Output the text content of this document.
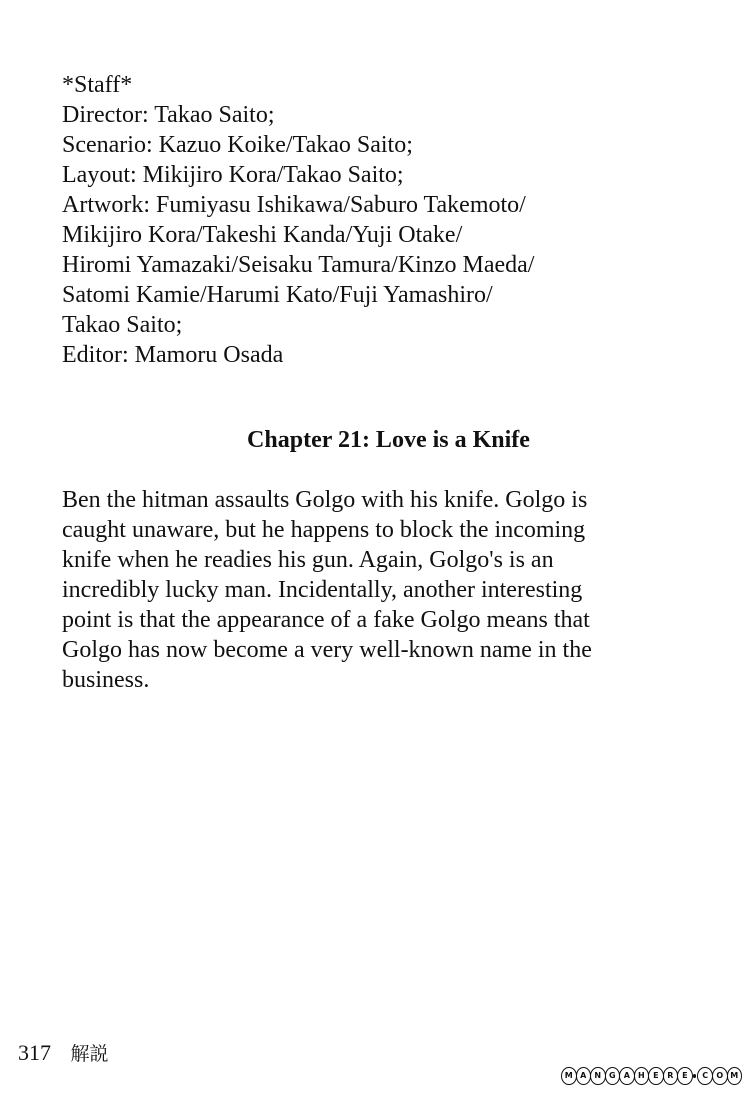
*Staff*
Director: Takao Saito;
Scenario: Kazuo Koike/Takao Saito;
Layout: Mikijiro Kora/Takao Saito;
Artwork: Fumiyasu Ishikawa/Saburo Takemoto/
Mikijiro Kora/Takeshi Kanda/Yuji Otake/
Hiromi Yamazaki/Seisaku Tamura/Kinzo Maeda/
Satomi Kamie/Harumi Kato/Fuji Yamashiro/
Takao Saito;
Editor: Mamoru Osada
Chapter 21: Love is a Knife
Ben the hitman assaults Golgo with his knife. Golgo is
caught unaware, but he happens to block the incoming
knife when he readies his gun. Again, Golgo's is an
incredibly lucky man. Incidentally, another interesting
point is that the appearance of a fake Golgo means that
Golgo has now become a very well-known name in the
business.
317 解説
M A	N G	A	H	E	R	E	C	O M
